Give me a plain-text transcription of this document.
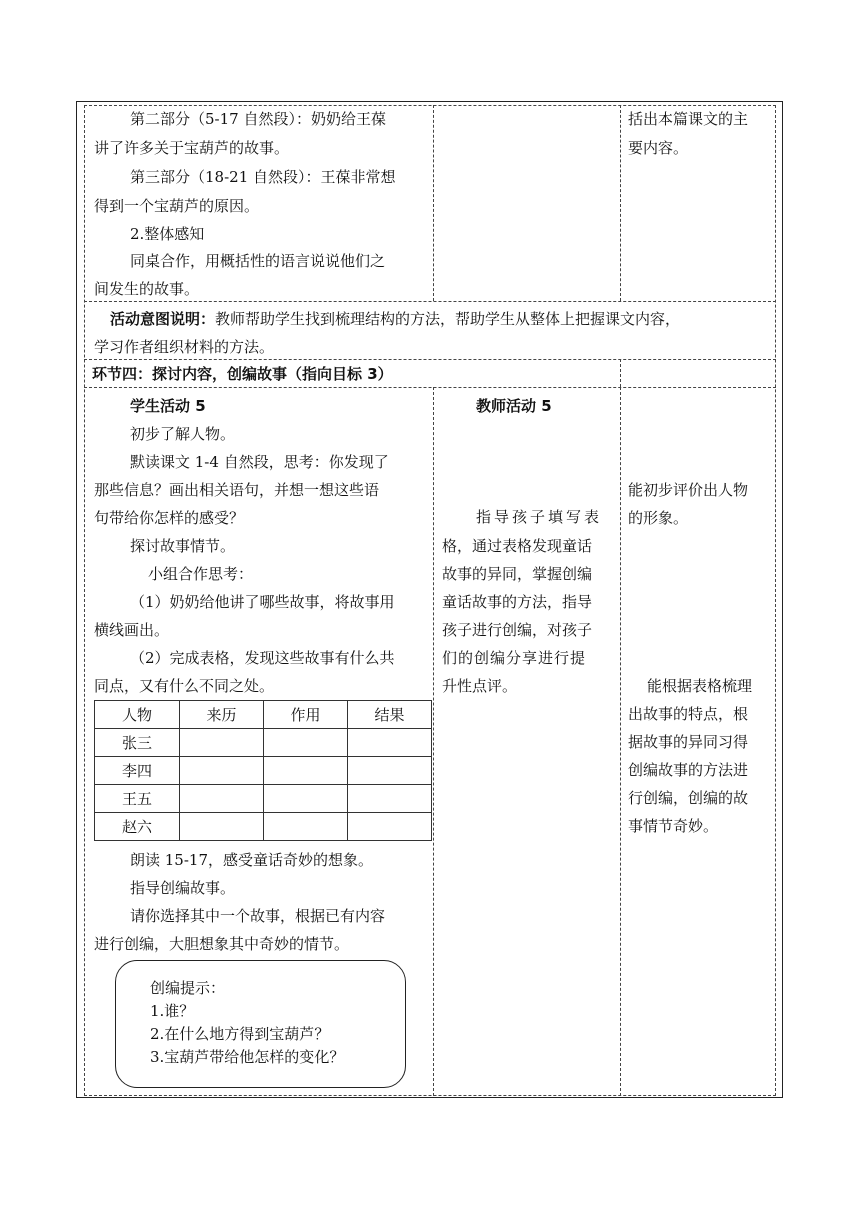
第二部分（5-17 自然段）：奶奶给王葆
讲了许多关于宝葫芦的故事。
第三部分（18-21 自然段）：王葆非常想
得到一个宝葫芦的原因。
2.整体感知
同桌合作，用概括性的语言说说他们之
间发生的故事。
括出本篇课文的主
要内容。
活动意图说明：教师帮助学生找到梳理结构的方法，帮助学生从整体上把握课文内容，
学习作者组织材料的方法。
环节四：探讨内容，创编故事（指向目标 3）
学生活动 5
初步了解人物。
默读课文 1-4 自然段，思考：你发现了
那些信息？画出相关语句，并想一想这些语
句带给你怎样的感受？
探讨故事情节。
小组合作思考：
（1）奶奶给他讲了哪些故事，将故事用
横线画出。
（2）完成表格，发现这些故事有什么共
同点，又有什么不同之处。
人物	来历	作用	结果
张三			
李四			
王五			
赵六			
朗读 15-17，感受童话奇妙的想象。
指导创编故事。
请你选择其中一个故事，根据已有内容
进行创编，大胆想象其中奇妙的情节。
创编提示：
1.谁？
2.在什么地方得到宝葫芦？
3.宝葫芦带给他怎样的变化？
教师活动 5
指导孩子填写表
格，通过表格发现童话
故事的异同，掌握创编
童话故事的方法，指导
孩子进行创编，对孩子
们的创编分享进行提
升性点评。
能初步评价出人物
的形象。
能根据表格梳理
出故事的特点，根
据故事的异同习得
创编故事的方法进
行创编，创编的故
事情节奇妙。
